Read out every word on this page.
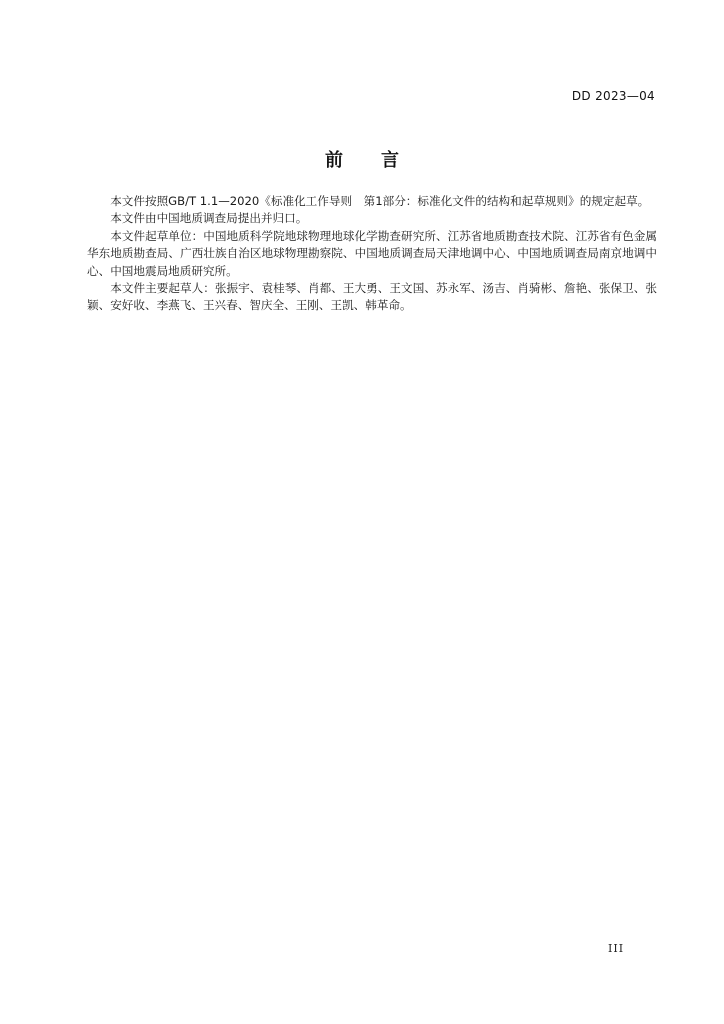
DD 2023—04
前 言

本文件按照GB/T 1.1—2020《标准化工作导则　第1部分：标准化文件的结构和起草规则》的规定起草。

本文件由中国地质调查局提出并归口。

本文件起草单位：中国地质科学院地球物理地球化学勘查研究所、江苏省地质勘查技术院、江苏省有色金属华东地质勘查局、广西壮族自治区地球物理勘察院、中国地质调查局天津地调中心、中国地质调查局南京地调中心、中国地震局地质研究所。

本文件主要起草人：张振宇、袁桂琴、肖都、王大勇、王文国、苏永军、汤吉、肖骑彬、詹艳、张保卫、张颖、安好收、李燕飞、王兴春、智庆全、王刚、王凯、韩革命。

III
